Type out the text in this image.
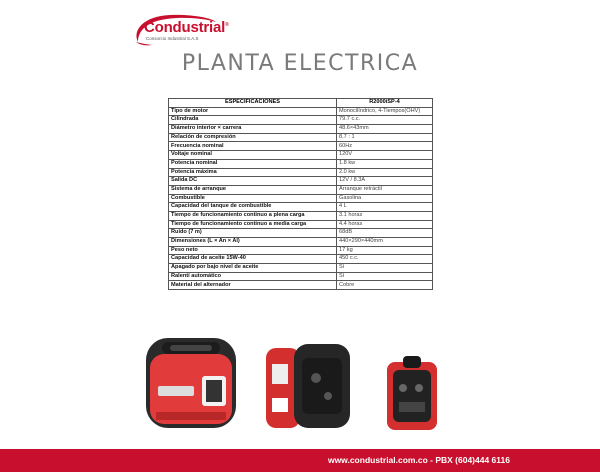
Condustrial®
Consorcio Industrial S.A.S
PLANTA ELECTRICA
ESPECIFICACIONES	R2000iSP-4
Tipo de motor	Monocilíndrico, 4-Tiempos(OHV)
Cilindrada	79.7 c.c.
Diámetro interior × carrera	48.6×43mm
Relación de compresión	8.7 : 1
Frecuencia nominal	60Hz
Voltaje nominal	120V
Potencia nominal	1.8 kw
Potencia máxima	2.0 kw
Salida DC	12V / 8.3A
Sistema de arranque	Arranque retráctil
Combustible	Gasolina
Capacidad del tanque de combustible	4 L
Tiempo de funcionamiento continuo a plena carga	3.1 horas
Tiempo de funcionamiento continuo a media carga	4.4 horas
Ruido (7 m)	68dB
Dimensiones (L × An × Al)	440×290×440mm
Peso neto	17 kg
Capacidad de aceite 15W-40	450 c.c.
Apagado por bajo nivel de aceite	Sí
Ralentí automático	Sí
Material del alternador	Cobre
www.condustrial.com.co - PBX (604)444 6116
